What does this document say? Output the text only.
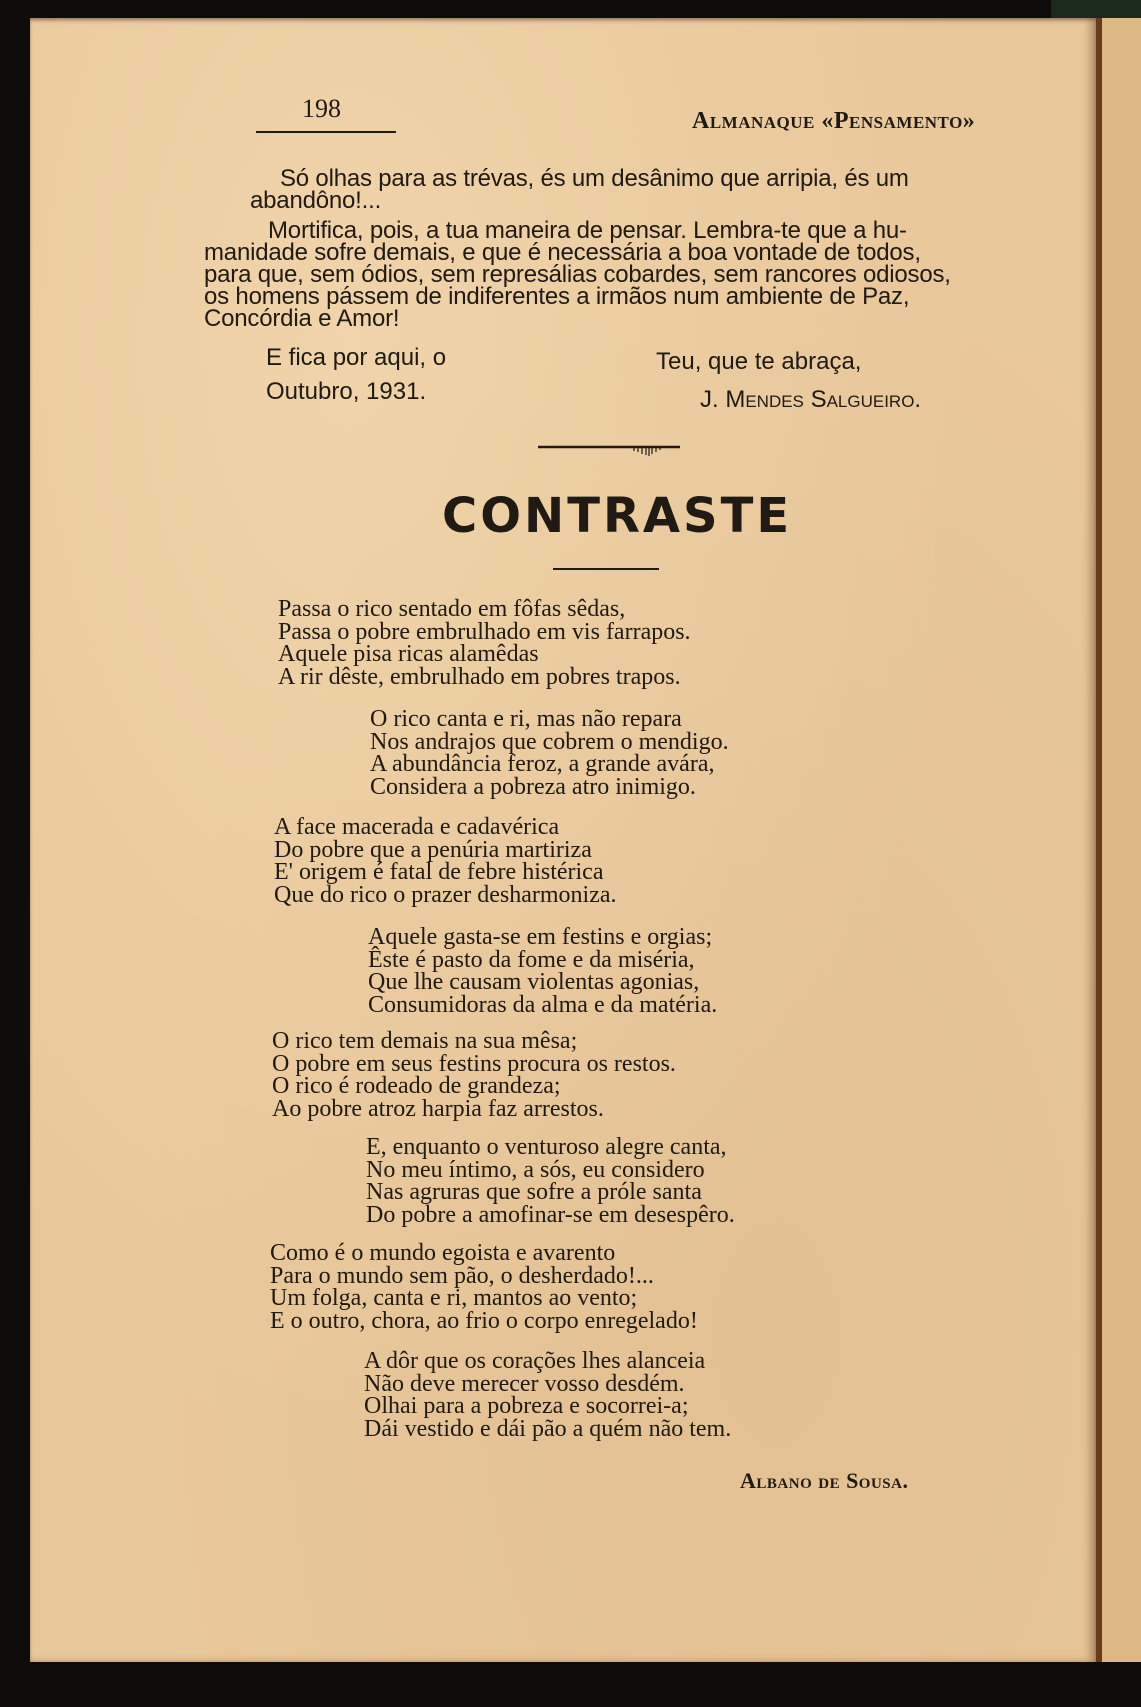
198	Almanaque «Pensamento»

Só olhas para as trévas, és um desânimo que arripia, és um

abandôno!...

Mortifica, pois, a tua maneira de pensar. Lembra-te que a hu-

manidade sofre demais, e que é necessária a boa vontade de todos,

para que, sem ódios, sem represálias cobardes, sem rancores odiosos,

os homens pássem de indiferentes a irmãos num ambiente de Paz,

Concórdia e Amor!

E fica por aqui, o	Teu, que te abraça,
Outubro, 1931.	J. Mendes Salgueiro.
CONTRASTE
Passa o rico sentado em fôfas sêdas,
Passa o pobre embrulhado em vis farrapos.
Aquele pisa ricas alamêdas
A rir dêste, embrulhado em pobres trapos.
O rico canta e ri, mas não repara
Nos andrajos que cobrem o mendigo.
A abundância feroz, a grande avára,
Considera a pobreza atro inimigo.
A face macerada e cadavérica
Do pobre que a penúria martiriza
E' origem é fatal de febre histérica
Que do rico o prazer desharmoniza.
Aquele gasta-se em festins e orgias;
Êste é pasto da fome e da miséria,
Que lhe causam violentas agonias,
Consumidoras da alma e da matéria.
O rico tem demais na sua mêsa;
O pobre em seus festins procura os restos.
O rico é rodeado de grandeza;
Ao pobre atroz harpia faz arrestos.
E, enquanto o venturoso alegre canta,
No meu íntimo, a sós, eu considero
Nas agruras que sofre a próle santa
Do pobre a amofinar-se em desespêro.
Como é o mundo egoista e avarento
Para o mundo sem pão, o desherdado!...
Um folga, canta e ri, mantos ao vento;
E o outro, chora, ao frio o corpo enregelado!
A dôr que os corações lhes alanceia
Não deve merecer vosso desdém.
Olhai para a pobreza e socorrei-a;
Dái vestido e dái pão a quém não tem.
Albano de Sousa.
